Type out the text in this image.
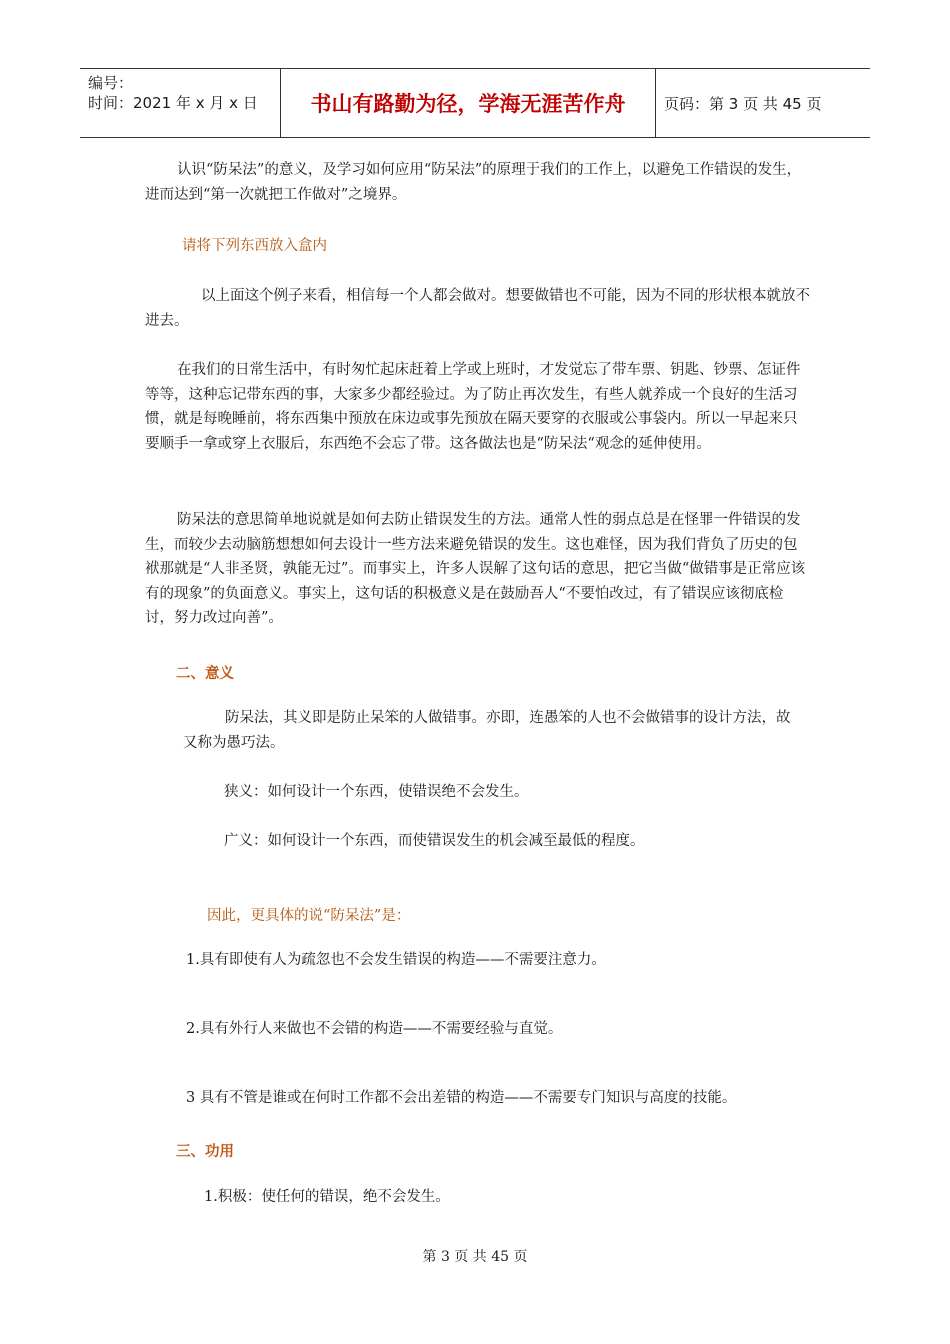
编号：
时间：2021 年 x 月 x 日	书山有路勤为径，学海无涯苦作舟	页码：第 3 页 共 45 页

认识“防呆法”的意义，及学习如何应用“防呆法”的原理于我们的工作上，以避免工作错误的发生，进而达到“第一次就把工作做对”之境界。

请将下列东西放入盒内

以上面这个例子来看，相信每一个人都会做对。想要做错也不可能，因为不同的形状根本就放不进去。

在我们的日常生活中，有时匆忙起床赶着上学或上班时，才发觉忘了带车票、钥匙、钞票、怎证件等等，这种忘记带东西的事，大家多少都经验过。为了防止再次发生，有些人就养成一个良好的生活习惯，就是每晚睡前，将东西集中预放在床边或事先预放在隔天要穿的衣服或公事袋内。所以一早起来只要顺手一拿或穿上衣服后，东西绝不会忘了带。这各做法也是“防呆法“观念的延伸使用。

防呆法的意思简单地说就是如何去防止错误发生的方法。通常人性的弱点总是在怪罪一件错误的发生，而较少去动脑筋想想如何去设计一些方法来避免错误的发生。这也难怪，因为我们背负了历史的包袱那就是“人非圣贤，孰能无过”。而事实上，许多人误解了这句话的意思，把它当做“做错事是正常应该有的现象”的负面意义。事实上，这句话的积极意义是在鼓励吾人“不要怕改过，有了错误应该彻底检讨，努力改过向善”。

二、意义

防呆法，其义即是防止呆笨的人做错事。亦即，连愚笨的人也不会做错事的设计方法，故又称为愚巧法。

狭义：如何设计一个东西，使错误绝不会发生。

广义：如何设计一个东西，而使错误发生的机会减至最低的程度。

因此，更具体的说“防呆法”是：

1.具有即使有人为疏忽也不会发生错误的构造——不需要注意力。

2.具有外行人来做也不会错的构造——不需要经验与直觉。

3 具有不管是谁或在何时工作都不会出差错的构造——不需要专门知识与高度的技能。

三、功用

1.积极：使任何的错误，绝不会发生。

第 3 页 共 45 页
